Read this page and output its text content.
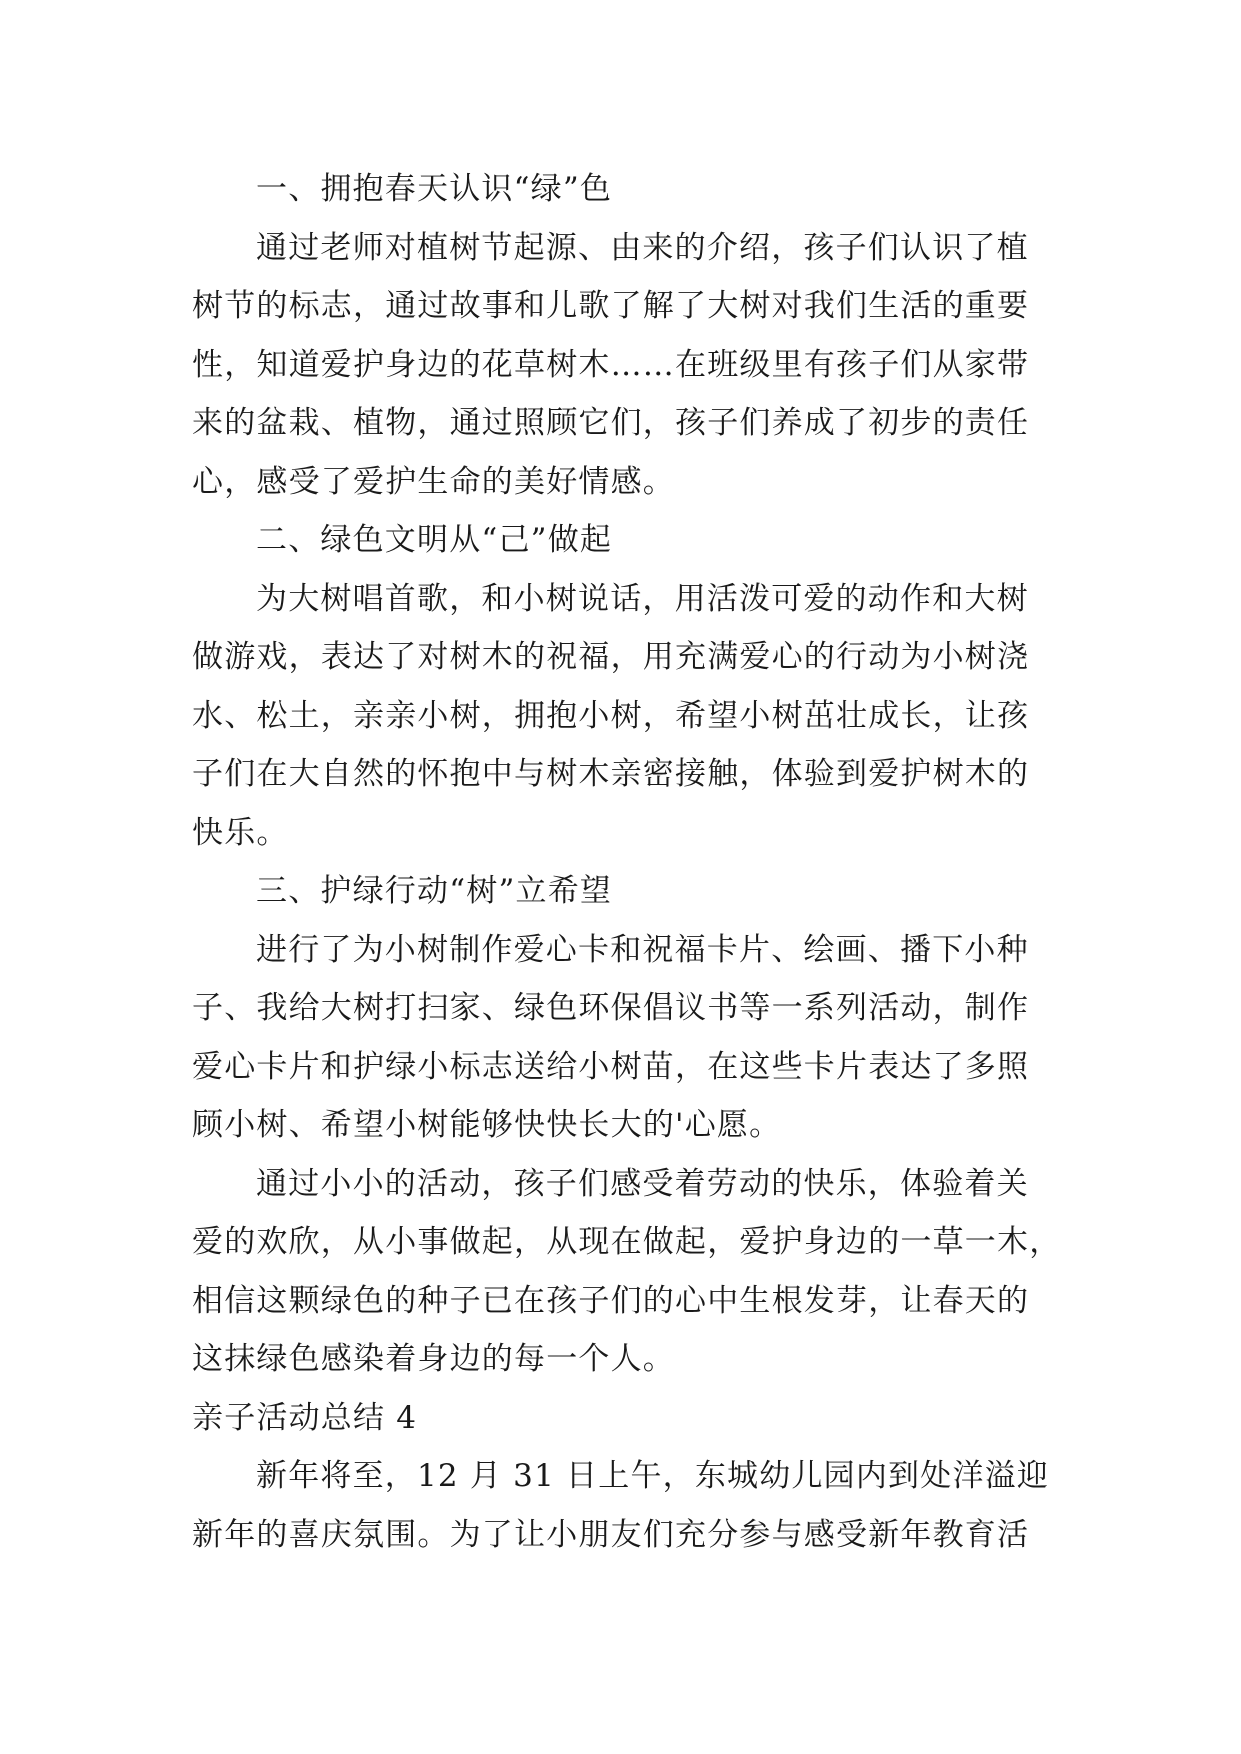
一、拥抱春天认识“绿”色
通过老师对植树节起源、由来的介绍，孩子们认识了植
树节的标志，通过故事和儿歌了解了大树对我们生活的重要
性，知道爱护身边的花草树木……在班级里有孩子们从家带
来的盆栽、植物，通过照顾它们，孩子们养成了初步的责任
心，感受了爱护生命的美好情感。
二、绿色文明从“己”做起
为大树唱首歌，和小树说话，用活泼可爱的动作和大树
做游戏，表达了对树木的祝福，用充满爱心的行动为小树浇
水、松土，亲亲小树，拥抱小树，希望小树茁壮成长，让孩
子们在大自然的怀抱中与树木亲密接触，体验到爱护树木的
快乐。
三、护绿行动“树”立希望
进行了为小树制作爱心卡和祝福卡片、绘画、播下小种
子、我给大树打扫家、绿色环保倡议书等一系列活动，制作
爱心卡片和护绿小标志送给小树苗，在这些卡片表达了多照
顾小树、希望小树能够快快长大的'心愿。
通过小小的活动，孩子们感受着劳动的快乐，体验着关
爱的欢欣，从小事做起，从现在做起，爱护身边的一草一木，
相信这颗绿色的种子已在孩子们的心中生根发芽，让春天的
这抹绿色感染着身边的每一个人。
亲子活动总结 4
新年将至，12 月 31 日上午，东城幼儿园内到处洋溢迎
新年的喜庆氛围。为了让小朋友们充分参与感受新年教育活
